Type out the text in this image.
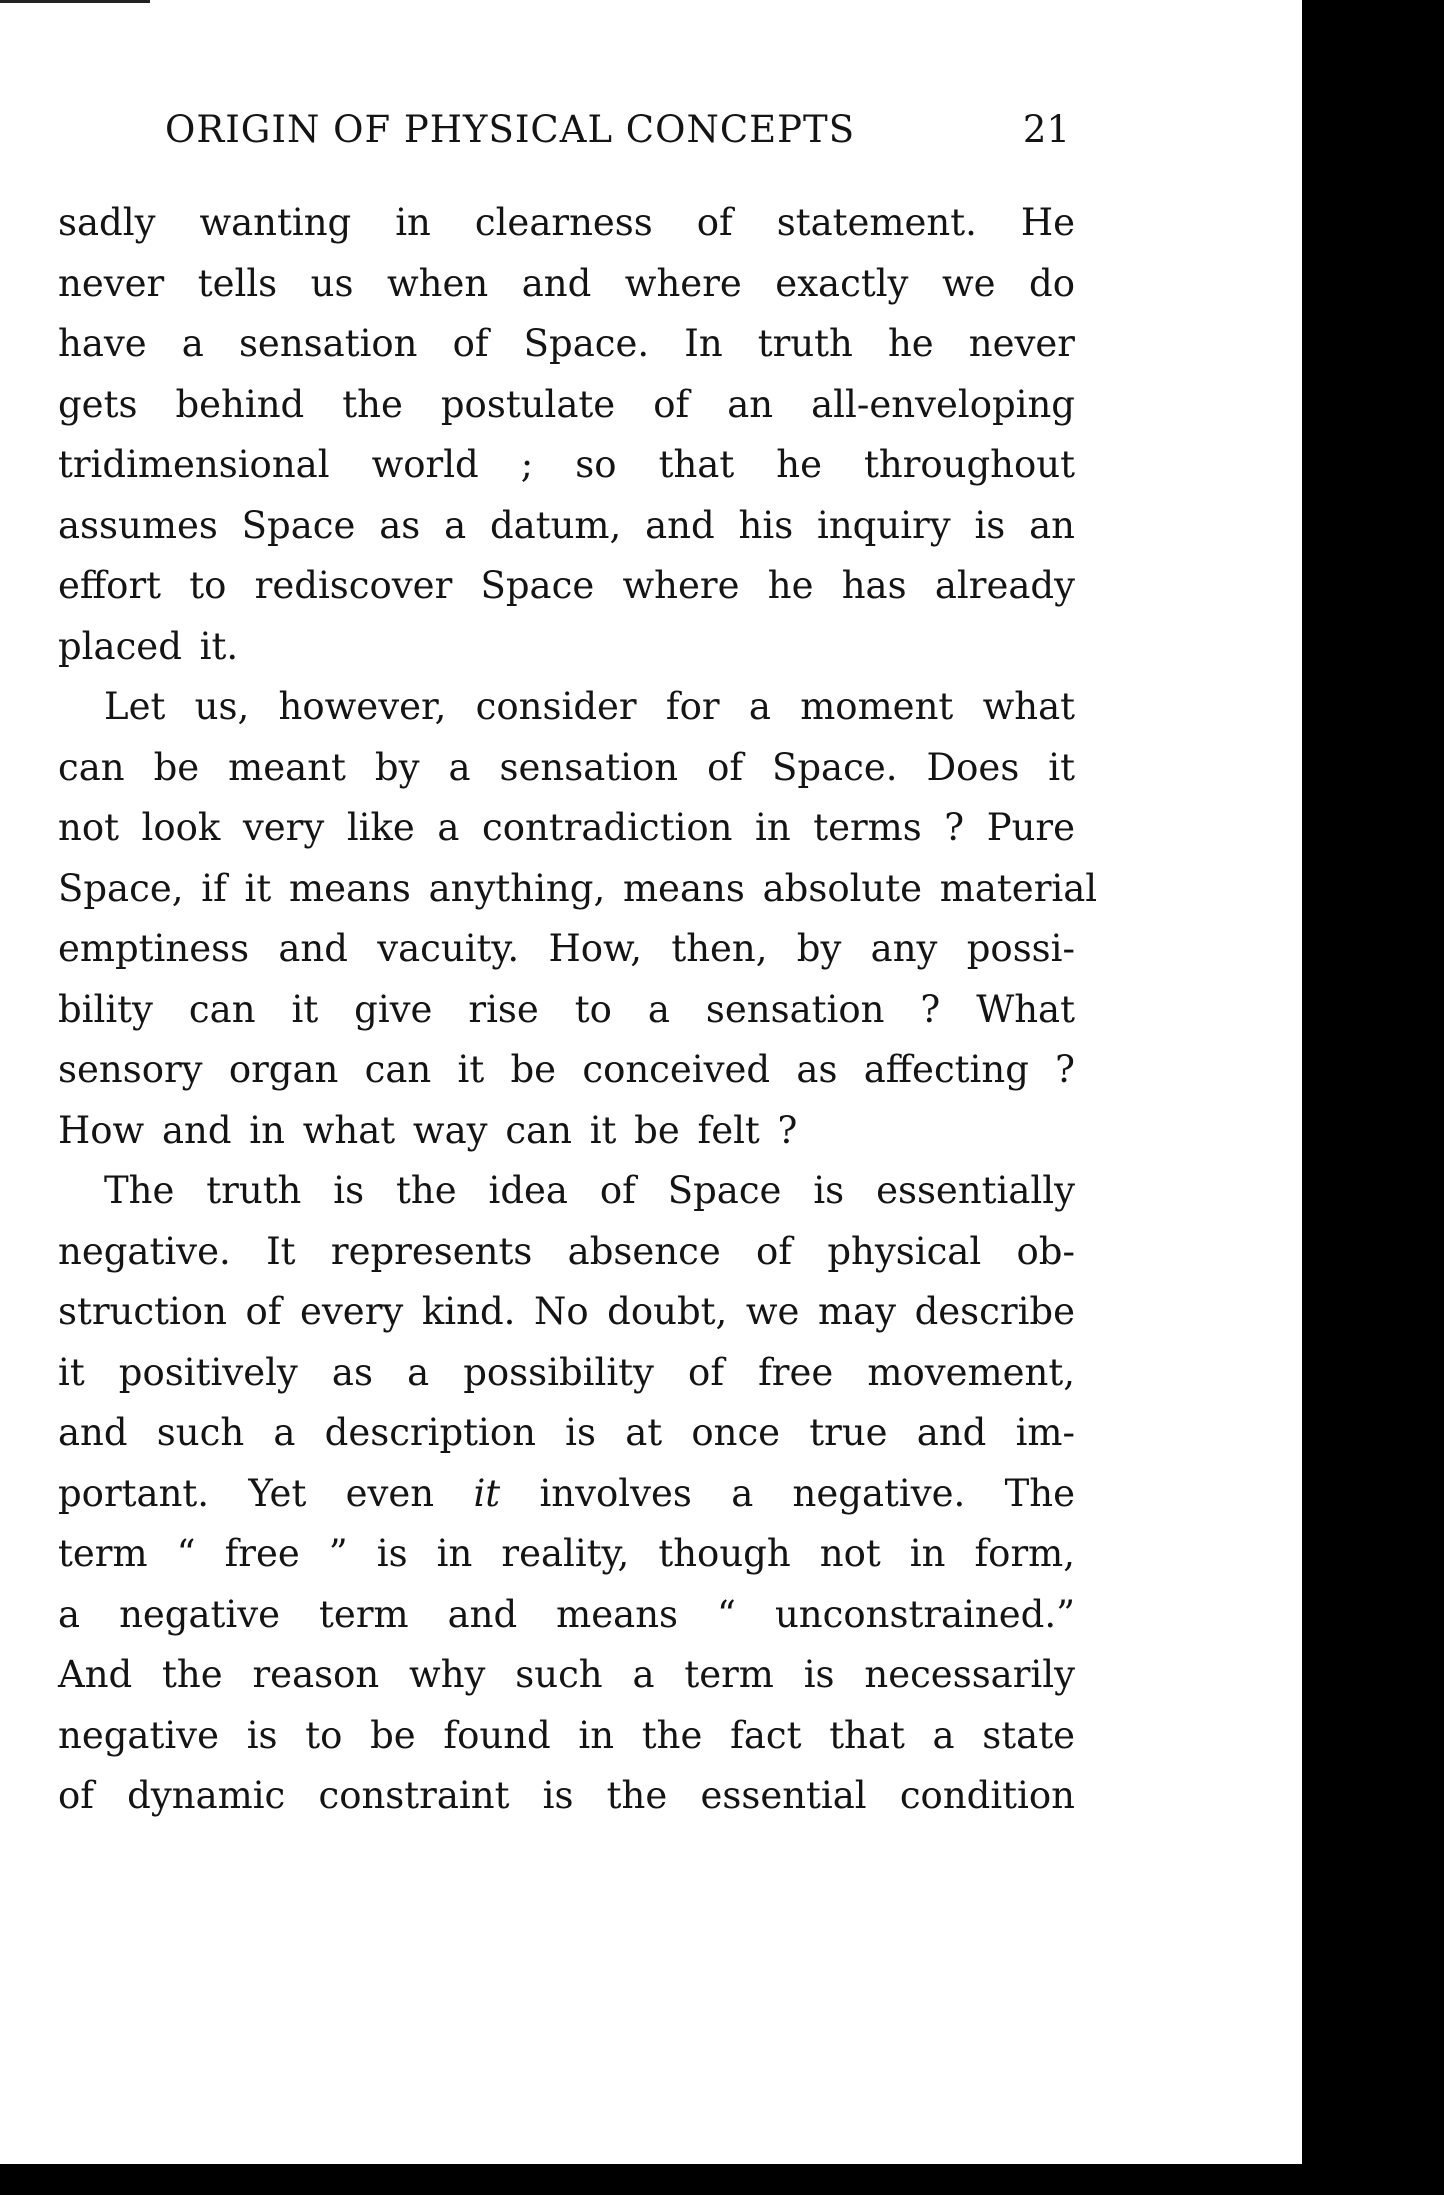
ORIGIN OF PHYSICAL CONCEPTS	21
sadly wanting in clearness of statement. He
never tells us when and where exactly we do
have a sensation of Space. In truth he never
gets behind the postulate of an all-enveloping
tridimensional world ; so that he throughout
assumes Space as a datum, and his inquiry is an
effort to rediscover Space where he has already
placed it.
Let us, however, consider for a moment what
can be meant by a sensation of Space. Does it
not look very like a contradiction in terms ? Pure
Space, if it means anything, means absolute material
emptiness and vacuity. How, then, by any possi-
bility can it give rise to a sensation ? What
sensory organ can it be conceived as affecting ?
How and in what way can it be felt ?
The truth is the idea of Space is essentially
negative. It represents absence of physical ob-
struction of every kind. No doubt, we may describe
it positively as a possibility of free movement,
and such a description is at once true and im-
portant. Yet even it involves a negative. The
term “ free ” is in reality, though not in form,
a negative term and means “ unconstrained.”
And the reason why such a term is necessarily
negative is to be found in the fact that a state
of dynamic constraint is the essential condition
